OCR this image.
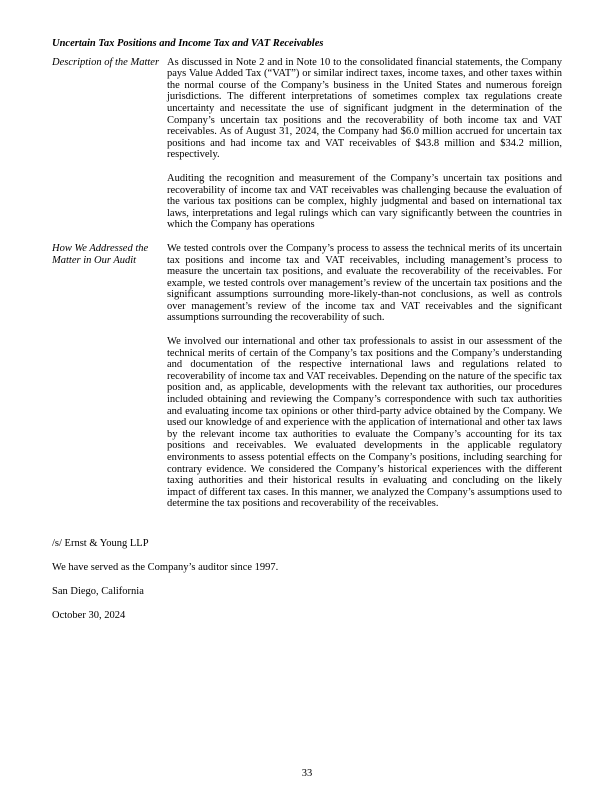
Uncertain Tax Positions and Income Tax and VAT Receivables
Description of the Matter As discussed in Note 2 and in Note 10 to the consolidated financial statements, the Company pays Value Added Tax (“VAT”) or similar indirect taxes, income taxes, and other taxes within the normal course of the Company’s business in the United States and numerous foreign jurisdictions. The different interpretations of sometimes complex tax regulations create uncertainty and necessitate the use of significant judgment in the determination of the Company’s uncertain tax positions and the recoverability of both income tax and VAT receivables. As of August 31, 2024, the Company had $6.0 million accrued for uncertain tax positions and had income tax and VAT receivables of $43.8 million and $34.2 million, respectively.

Auditing the recognition and measurement of the Company’s uncertain tax positions and recoverability of income tax and VAT receivables was challenging because the evaluation of the various tax positions can be complex, highly judgmental and based on international tax laws, interpretations and legal rulings which can vary significantly between the countries in which the Company has operations

How We Addressed the Matter in Our Audit

We tested controls over the Company’s process to assess the technical merits of its uncertain tax positions and income tax and VAT receivables, including management’s process to measure the uncertain tax positions, and evaluate the recoverability of the receivables. For example, we tested controls over management’s review of the uncertain tax positions and the significant assumptions surrounding more-likely-than-not conclusions, as well as controls over management’s review of the income tax and VAT receivables and the significant assumptions surrounding the recoverability of such.

We involved our international and other tax professionals to assist in our assessment of the technical merits of certain of the Company’s tax positions and the Company’s understanding and documentation of the respective international laws and regulations related to recoverability of income tax and VAT receivables. Depending on the nature of the specific tax position and, as applicable, developments with the relevant tax authorities, our procedures included obtaining and reviewing the Company’s correspondence with such tax authorities and evaluating income tax opinions or other third-party advice obtained by the Company. We used our knowledge of and experience with the application of international and other tax laws by the relevant income tax authorities to evaluate the Company’s accounting for its tax positions and receivables. We evaluated developments in the applicable regulatory environments to assess potential effects on the Company’s positions, including searching for contrary evidence. We considered the Company’s historical experiences with the different taxing authorities and their historical results in evaluating and concluding on the likely impact of different tax cases. In this manner, we analyzed the Company’s assumptions used to determine the tax positions and recoverability of the receivables.

/s/ Ernst & Young LLP

We have served as the Company’s auditor since 1997.

San Diego, California

October 30, 2024

33
